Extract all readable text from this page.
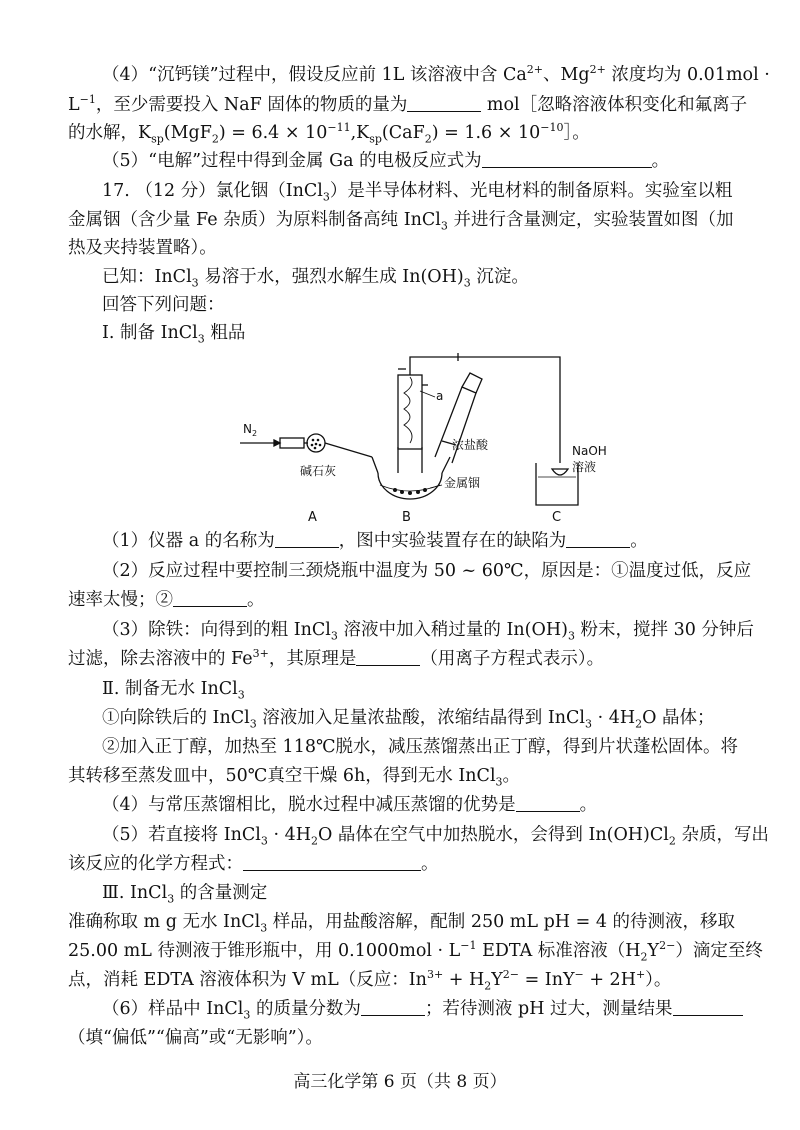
（4）“沉钙镁”过程中，假设反应前 1L 该溶液中含 $Ca^{2+}$、$Mg^{2+}$ 浓度均为 0.01mol ·
$L^{-1}$，至少需要投入 NaF 固体的物质的量为	mol［忽略溶液体积变化和氟离子
的水解，$K_{sp}(MgF_2) = 6.4 \times 10^{-11},K_{sp}(CaF_2) = 1.6$ × $10^{-10}]$。
（5）“电解”过程中得到金属 Ga 的电极反应式为	。
17. （12 分）氯化铟（InCl$_3$）是半导体材料、光电材料的制备原料。实验室以粗
金属铟（含少量 Fe 杂质）为原料制备高纯 InCl$_3$ 并进行含量测定，实验装置如图（加
热及夹持装置略）。
已知：InCl$_3$ 易溶于水，强烈水解生成 $In(OH)_3$ 沉淀。
回答下列问题：
Ⅰ. 制备 InCl$_3$ 粗品
$N_2$
碱石灰
A	B
金属铟
a
浓盐酸	NaOH
溶液
C
（1）仪器 a 的名称为	，图中实验装置存在的缺陷为	。
（2）反应过程中要控制三颈烧瓶中温度为 50 ~ 60℃，原因是：①温度过低，反应
速率太慢；②	。
（3）除铁：向得到的粗 InCl$_3$ 溶液中加入稍过量的 $In(OH)_3$ 粉末，搅拌 30 分钟后
过滤，除去溶液中的 $Fe^{3+}$，其原理是	（用离子方程式表示）。
Ⅱ. 制备无水 InCl$_3$
①向除铁后的 InCl$_3$ 溶液加入足量浓盐酸，浓缩结晶得到 InCl$_3$ · $4H_2O$ 晶体；
②加入正丁醇，加热至 118℃脱水，减压蒸馏蒸出正丁醇，得到片状蓬松固体。将
其转移至蒸发皿中，50℃真空干燥 6h，得到无水 InCl$_3$。
（4）与常压蒸馏相比，脱水过程中减压蒸馏的优势是	。
（5）若直接将 InCl$_3$ · $4H_2O$ 晶体在空气中加热脱水，会得到 $In(OH)Cl_2$ 杂质，写出
该反应的化学方程式：	。
Ⅲ. InCl$_3$ 的含量测定
准确称取 m g 无水 InCl$_3$ 样品，用盐酸溶解，配制 250 mL pH = 4 的待测液，移取
25.00 mL 待测液于锥形瓶中，用 $0.1000mol \cdot L^{-1}$ EDTA 标准溶液$(H_2Y^{2-})$滴定至终
点，消耗 EDTA 溶液体积为 V mL（反应：$In^{3+} + H_2Y^{2-} = InY^- + 2H^+$）。
（6）样品中 InCl$_3$ 的质量分数为	；若待测液 pH 过大，测量结果
（填“偏低”“偏高”或“无影响”）。
高三化学第 6 页（共 8 页）
